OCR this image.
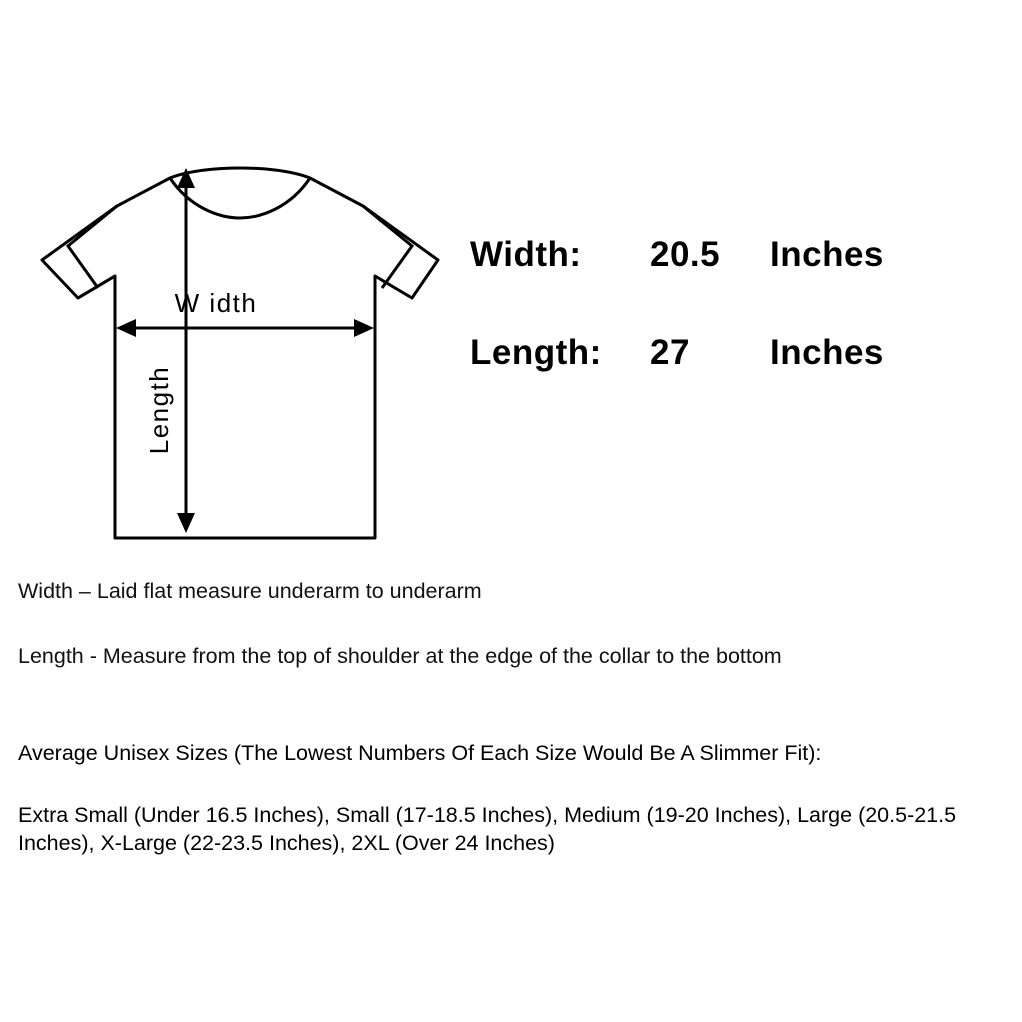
W idth
Length
Width:	20.5	Inches
Length:	27	Inches
Width – Laid flat measure underarm to underarm
Length - Measure from the top of shoulder at the edge of the collar to the bottom
Average Unisex Sizes (The Lowest Numbers Of Each Size Would Be A Slimmer Fit):
Extra Small (Under 16.5 Inches), Small (17-18.5 Inches), Medium (19-20 Inches), Large (20.5-21.5 Inches), X-Large (22-23.5 Inches), 2XL (Over 24 Inches)
